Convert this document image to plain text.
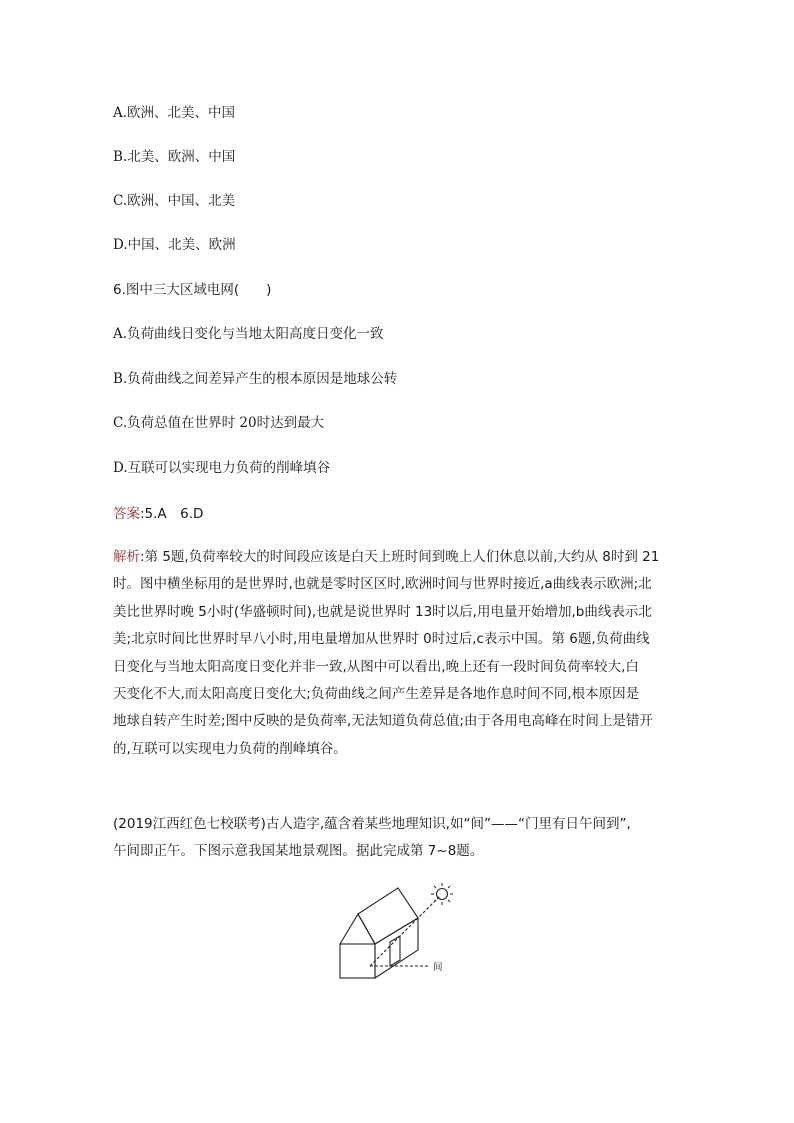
A.欧洲、北美、中国
B.北美、欧洲、中国
C.欧洲、中国、北美
D.中国、北美、欧洲
6.图中三大区域电网(　　)
A.负荷曲线日变化与当地太阳高度日变化一致
B.负荷曲线之间差异产生的根本原因是地球公转
C.负荷总值在世界时 20时达到最大
D.互联可以实现电力负荷的削峰填谷
答案:5.A　6.D
解析:第 5题,负荷率较大的时间段应该是白天上班时间到晚上人们休息以前,大约从 8时到 21
时。图中横坐标用的是世界时,也就是零时区区时,欧洲时间与世界时接近,a曲线表示欧洲;北
美比世界时晚 5小时(华盛顿时间),也就是说世界时 13时以后,用电量开始增加,b曲线表示北
美;北京时间比世界时早八小时,用电量增加从世界时 0时过后,c表示中国。第 6题,负荷曲线
日变化与当地太阳高度日变化并非一致,从图中可以看出,晚上还有一段时间负荷率较大,白
天变化不大,而太阳高度日变化大;负荷曲线之间产生差异是各地作息时间不同,根本原因是
地球自转产生时差;图中反映的是负荷率,无法知道负荷总值;由于各用电高峰在时间上是错开
的,互联可以实现电力负荷的削峰填谷。
(2019江西红色七校联考)古人造字,蕴含着某些地理知识,如“间”——“门里有日午间到”,
午间即正午。下图示意我国某地景观图。据此完成第 7~8题。
间
